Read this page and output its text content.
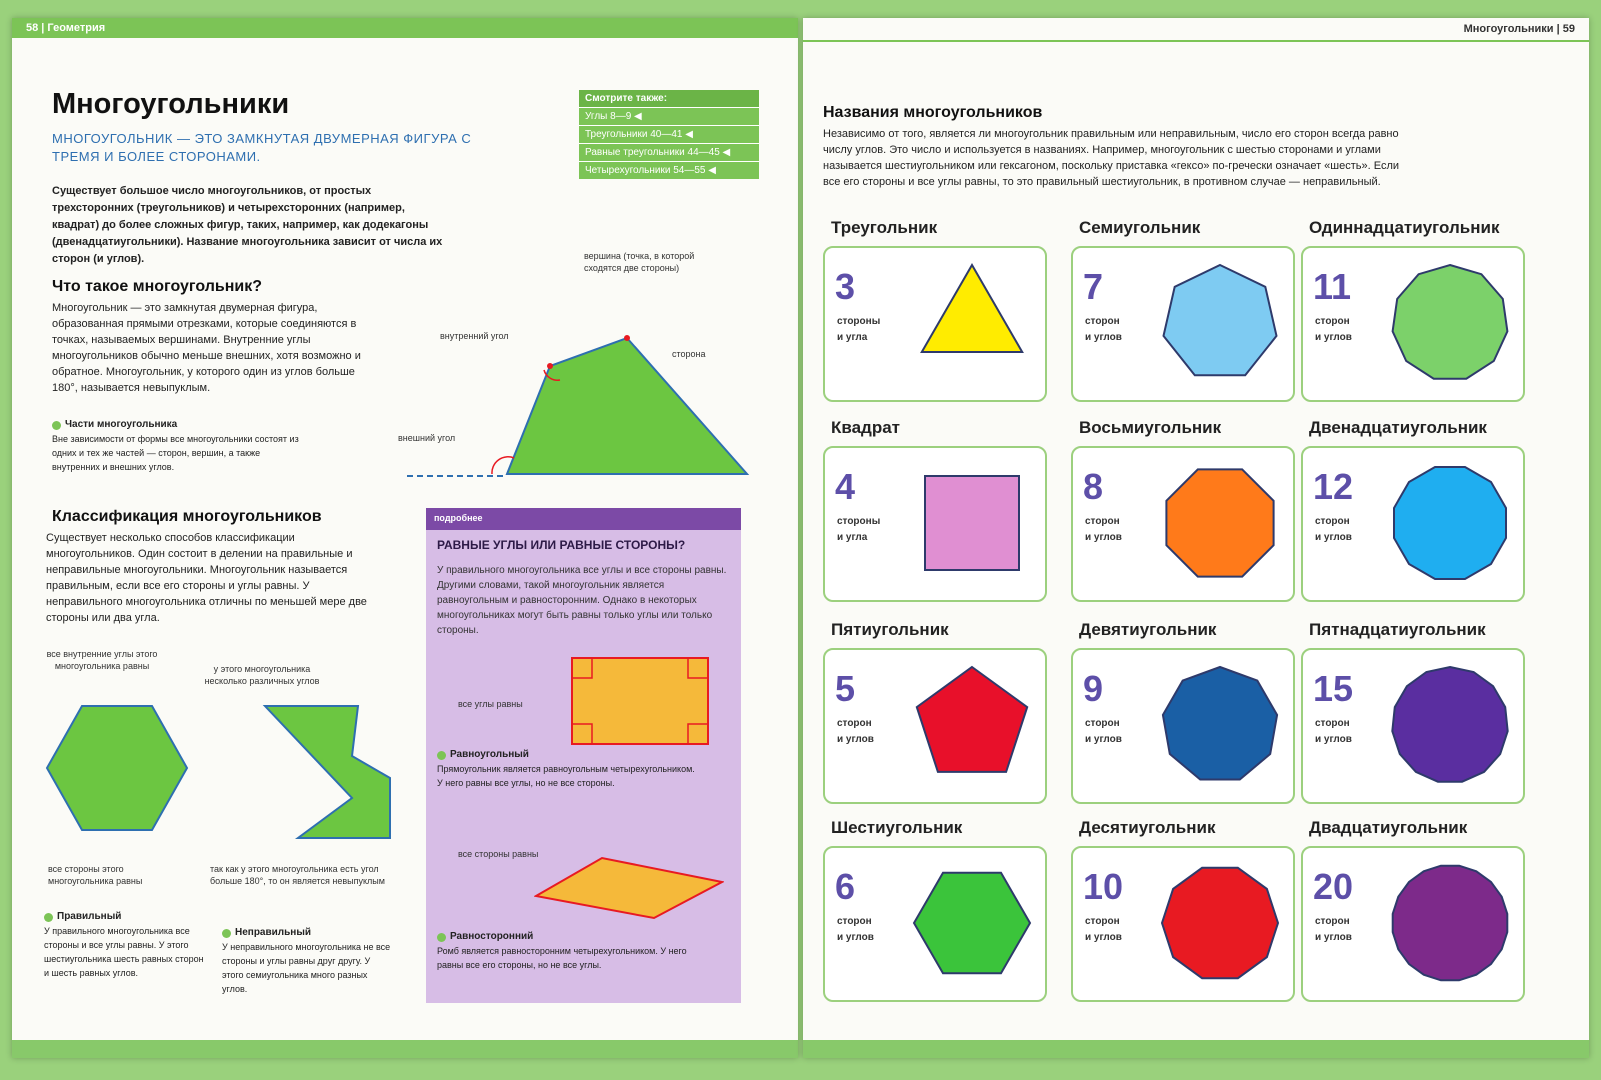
58 | Геометрия
Многоугольники
МНОГОУГОЛЬНИК — ЭТО ЗАМКНУТАЯ ДВУМЕРНАЯ ФИГУРА С ТРЕМЯ И БОЛЕЕ СТОРОНАМИ.
Существует большое число многоугольников, от простых трехсторонних (треугольников) и четырехсторонних (например, квадрат) до более сложных фигур, таких, например, как додекагоны (двенадцатиугольники). Название многоугольника зависит от числа их сторон (и углов).
Смотрите также:
Углы 8—9 ◀
Треугольники 40—41 ◀
Равные треугольники 44—45 ◀
Четырехугольники 54—55 ◀
Что такое многоугольник?
Многоугольник — это замкнутая двумерная фигура, образованная прямыми отрезками, которые соединяются в точках, называемых вершинами. Внутренние углы многоугольников обычно меньше внешних, хотя возможно и обратное. Многоугольник, у которого один из углов больше 180°, называется невыпуклым.
Части многоугольника
Вне зависимости от формы все многоугольники состоят из одних и тех же частей — сторон, вершин, а также внутренних и внешних углов.
вершина (точка, в которой сходятся две стороны)
внутренний угол
сторона
внешний угол
Классификация многоугольников
Существует несколько способов классификации многоугольников. Один состоит в делении на правильные и неправильные многоугольники. Многоугольник называется правильным, если все его стороны и углы равны. У неправильного многоугольника отличны по меньшей мере две стороны или два угла.
все внутренние углы этого многоугольника равны
все стороны этого многоугольника равны
у этого многоугольника несколько различных углов
так как у этого многоугольника есть угол больше 180°, то он является невыпуклым
Правильный
У правильного многоугольника все стороны и все углы равны. У этого шестиугольника шесть равных сторон и шесть равных углов.
Неправильный
У неправильного многоугольника не все стороны и углы равны друг другу. У этого семиугольника много разных углов.
подробнее
РАВНЫЕ УГЛЫ ИЛИ РАВНЫЕ СТОРОНЫ?
У правильного многоугольника все углы и все стороны равны. Другими словами, такой многоугольник является равноугольным и равносторонним. Однако в некоторых многоугольниках могут быть равны только углы или только стороны.
все углы равны
Равноугольный
Прямоугольник является равноугольным четырехугольником. У него равны все углы, но не все стороны.
все стороны равны
Равносторонний
Ромб является равносторонним четырехугольником. У него равны все его стороны, но не все углы.
Многоугольники | 59
Названия многоугольников
Независимо от того, является ли многоугольник правильным или неправильным, число его сторон всегда равно числу углов. Это число и используется в названиях. Например, многоугольник с шестью сторонами и углами называется шестиугольником или гексагоном, поскольку приставка «гексо» по-гречески означает «шесть». Если все его стороны и все углы равны, то это правильный шестиугольник, в противном случае — неправильный.
Треугольник
3
стороны
и угла
Семиугольник
7
сторон
и углов
Одиннадцатиугольник
11
сторон
и углов
Квадрат
4
стороны
и угла
Восьмиугольник
8
сторон
и углов
Двенадцатиугольник
12
сторон
и углов
Пятиугольник
5
сторон
и углов
Девятиугольник
9
сторон
и углов
Пятнадцатиугольник
15
сторон
и углов
Шестиугольник
6
сторон
и углов
Десятиугольник
10
сторон
и углов
Двадцатиугольник
20
сторон
и углов
